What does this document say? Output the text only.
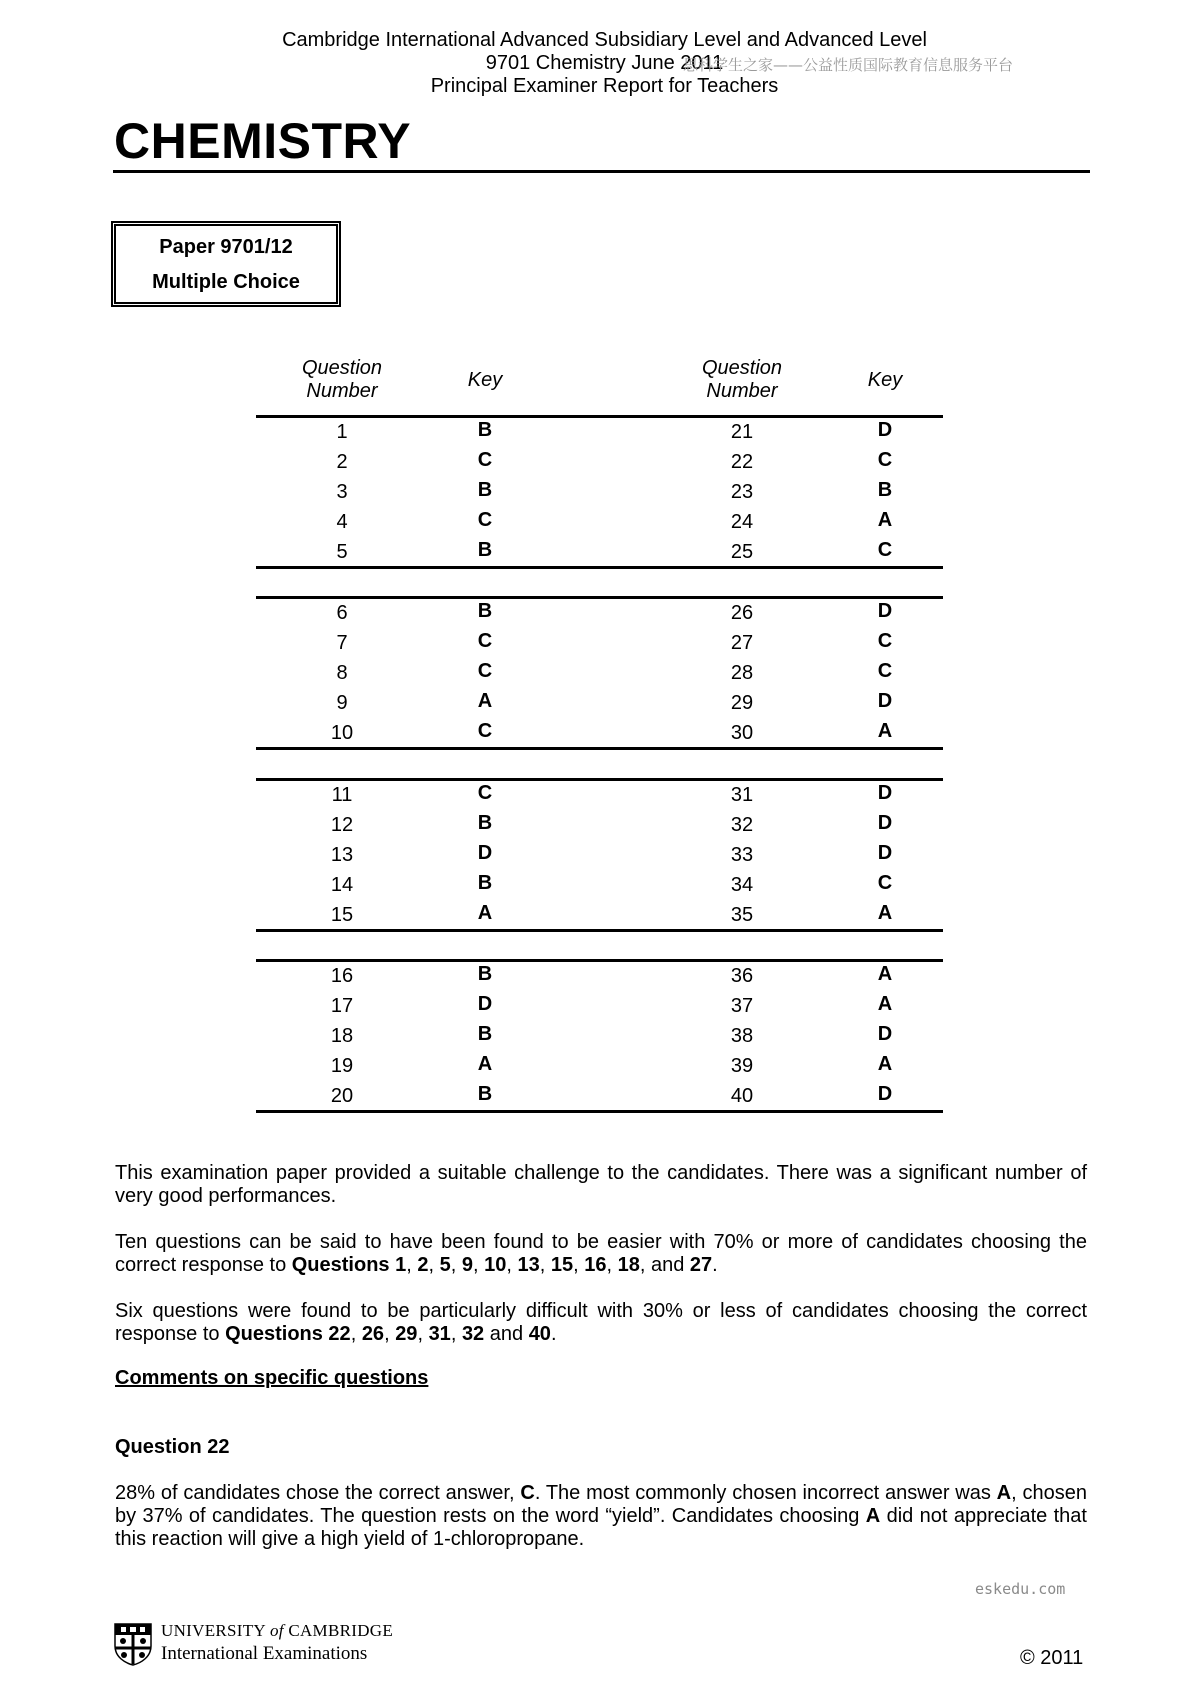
Cambridge International Advanced Subsidiary Level and Advanced Level
9701 Chemistry June 2011
思科学生之家——公益性质国际教育信息服务平台
Principal Examiner Report for Teachers
CHEMISTRY
Paper 9701/12
Multiple Choice
Question
Number	Key
Question
Number	Key
1	B	21	D
2	C	22	C
3	B	23	B
4	C	24	A
5	B	25	C
6	B	26	D
7	C	27	C
8	C	28	C
9	A	29	D
10	C	30	A
11	C	31	D
12	B	32	D
13	D	33	D
14	B	34	C
15	A	35	A
16	B	36	A
17	D	37	A
18	B	38	D
19	A	39	A
20	B	40	D
This examination paper provided a suitable challenge to the candidates. There was a significant number of very good performances.
Ten questions can be said to have been found to be easier with 70% or more of candidates choosing the correct response to Questions 1, 2, 5, 9, 10, 13, 15, 16, 18, and 27.
Six questions were found to be particularly difficult with 30% or less of candidates choosing the correct response to Questions 22, 26, 29, 31, 32 and 40.
Comments on specific questions
Question 22
28% of candidates chose the correct answer, C. The most commonly chosen incorrect answer was A, chosen by 37% of candidates. The question rests on the word “yield”. Candidates choosing A did not appreciate that this reaction will give a high yield of 1-chloropropane.
eskedu.com
UNIVERSITY of CAMBRIDGE
International Examinations	© 2011
